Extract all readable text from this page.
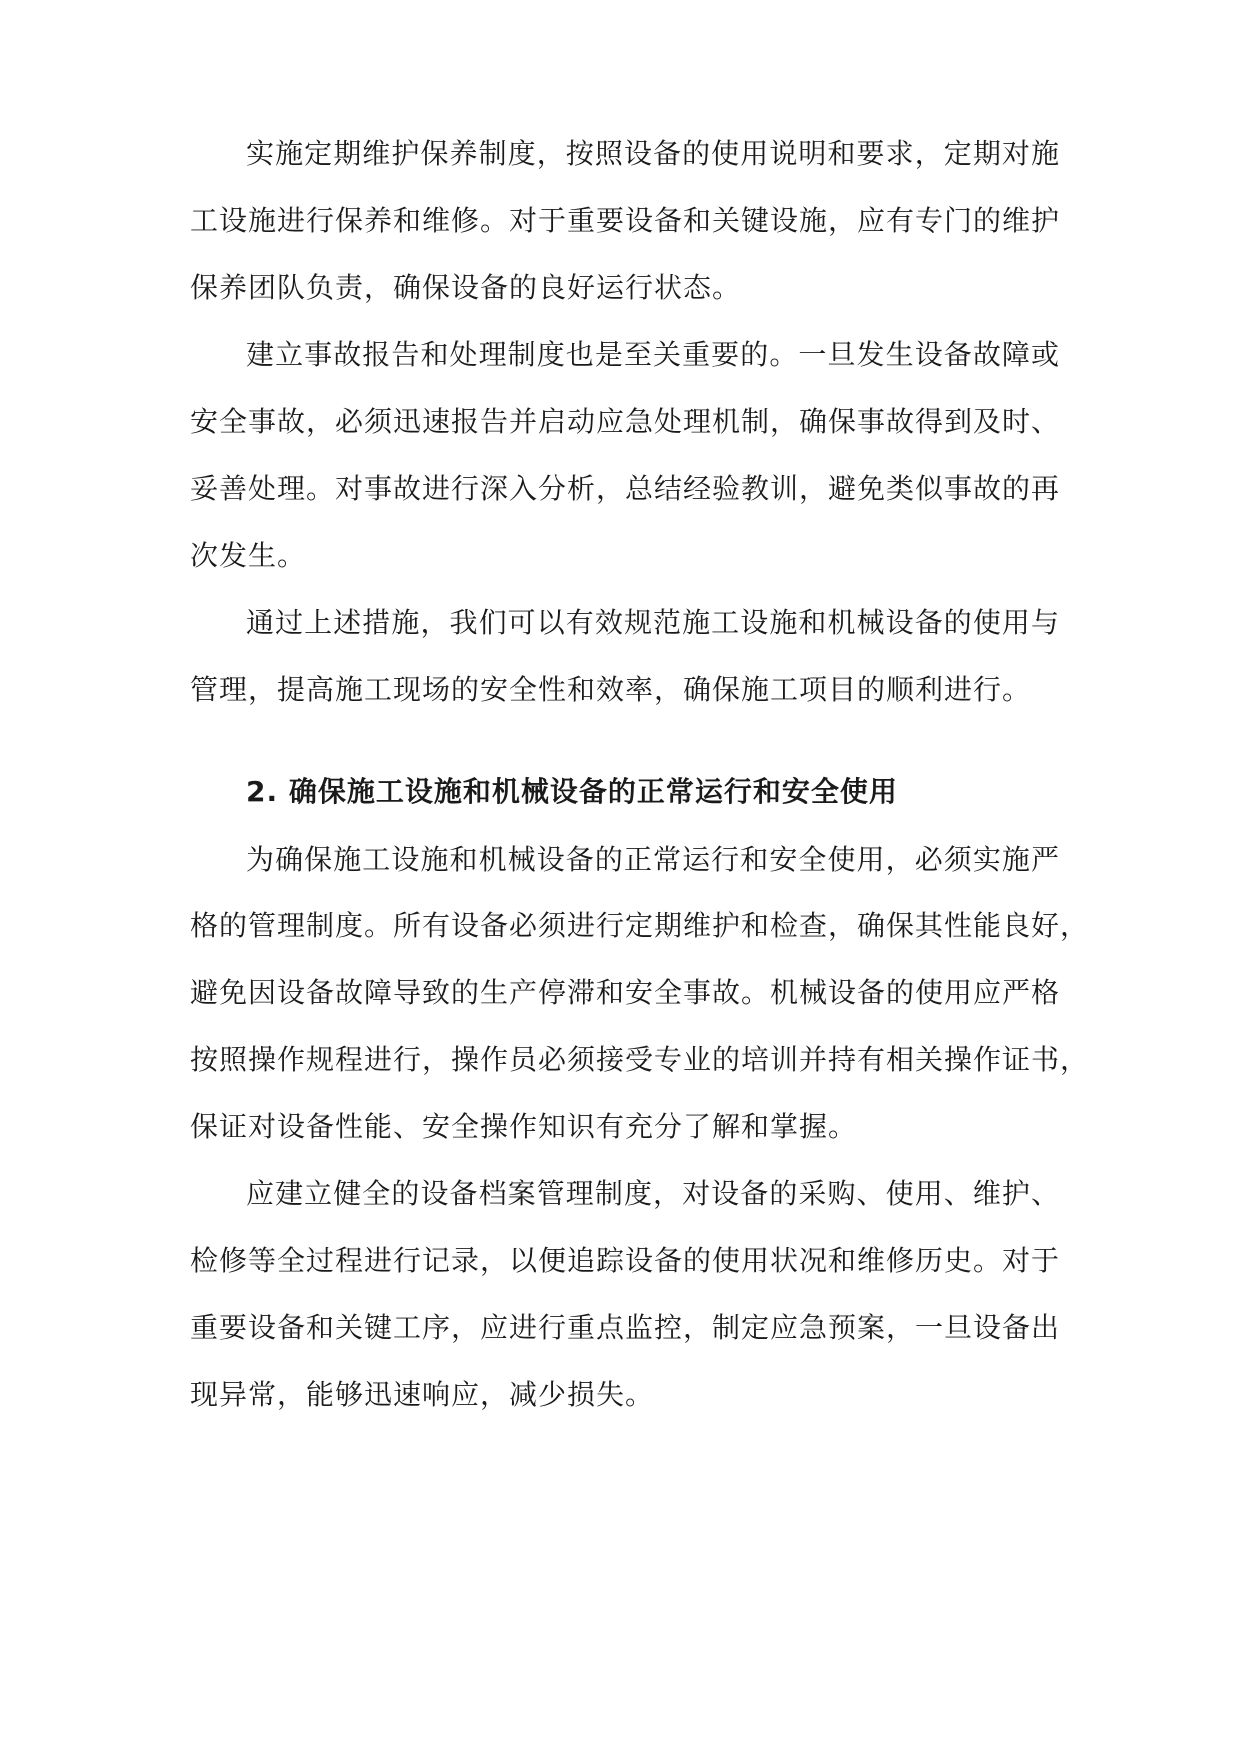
实施定期维护保养制度，按照设备的使用说明和要求，定期对施
工设施进行保养和维修。对于重要设备和关键设施，应有专门的维护
保养团队负责，确保设备的良好运行状态。
建立事故报告和处理制度也是至关重要的。一旦发生设备故障或
安全事故，必须迅速报告并启动应急处理机制，确保事故得到及时、
妥善处理。对事故进行深入分析，总结经验教训，避免类似事故的再
次发生。
通过上述措施，我们可以有效规范施工设施和机械设备的使用与
管理，提高施工现场的安全性和效率，确保施工项目的顺利进行。
2. 确保施工设施和机械设备的正常运行和安全使用
为确保施工设施和机械设备的正常运行和安全使用，必须实施严
格的管理制度。所有设备必须进行定期维护和检查，确保其性能良好，
避免因设备故障导致的生产停滞和安全事故。机械设备的使用应严格
按照操作规程进行，操作员必须接受专业的培训并持有相关操作证书，
保证对设备性能、安全操作知识有充分了解和掌握。
应建立健全的设备档案管理制度，对设备的采购、使用、维护、
检修等全过程进行记录，以便追踪设备的使用状况和维修历史。对于
重要设备和关键工序，应进行重点监控，制定应急预案，一旦设备出
现异常，能够迅速响应，减少损失。
